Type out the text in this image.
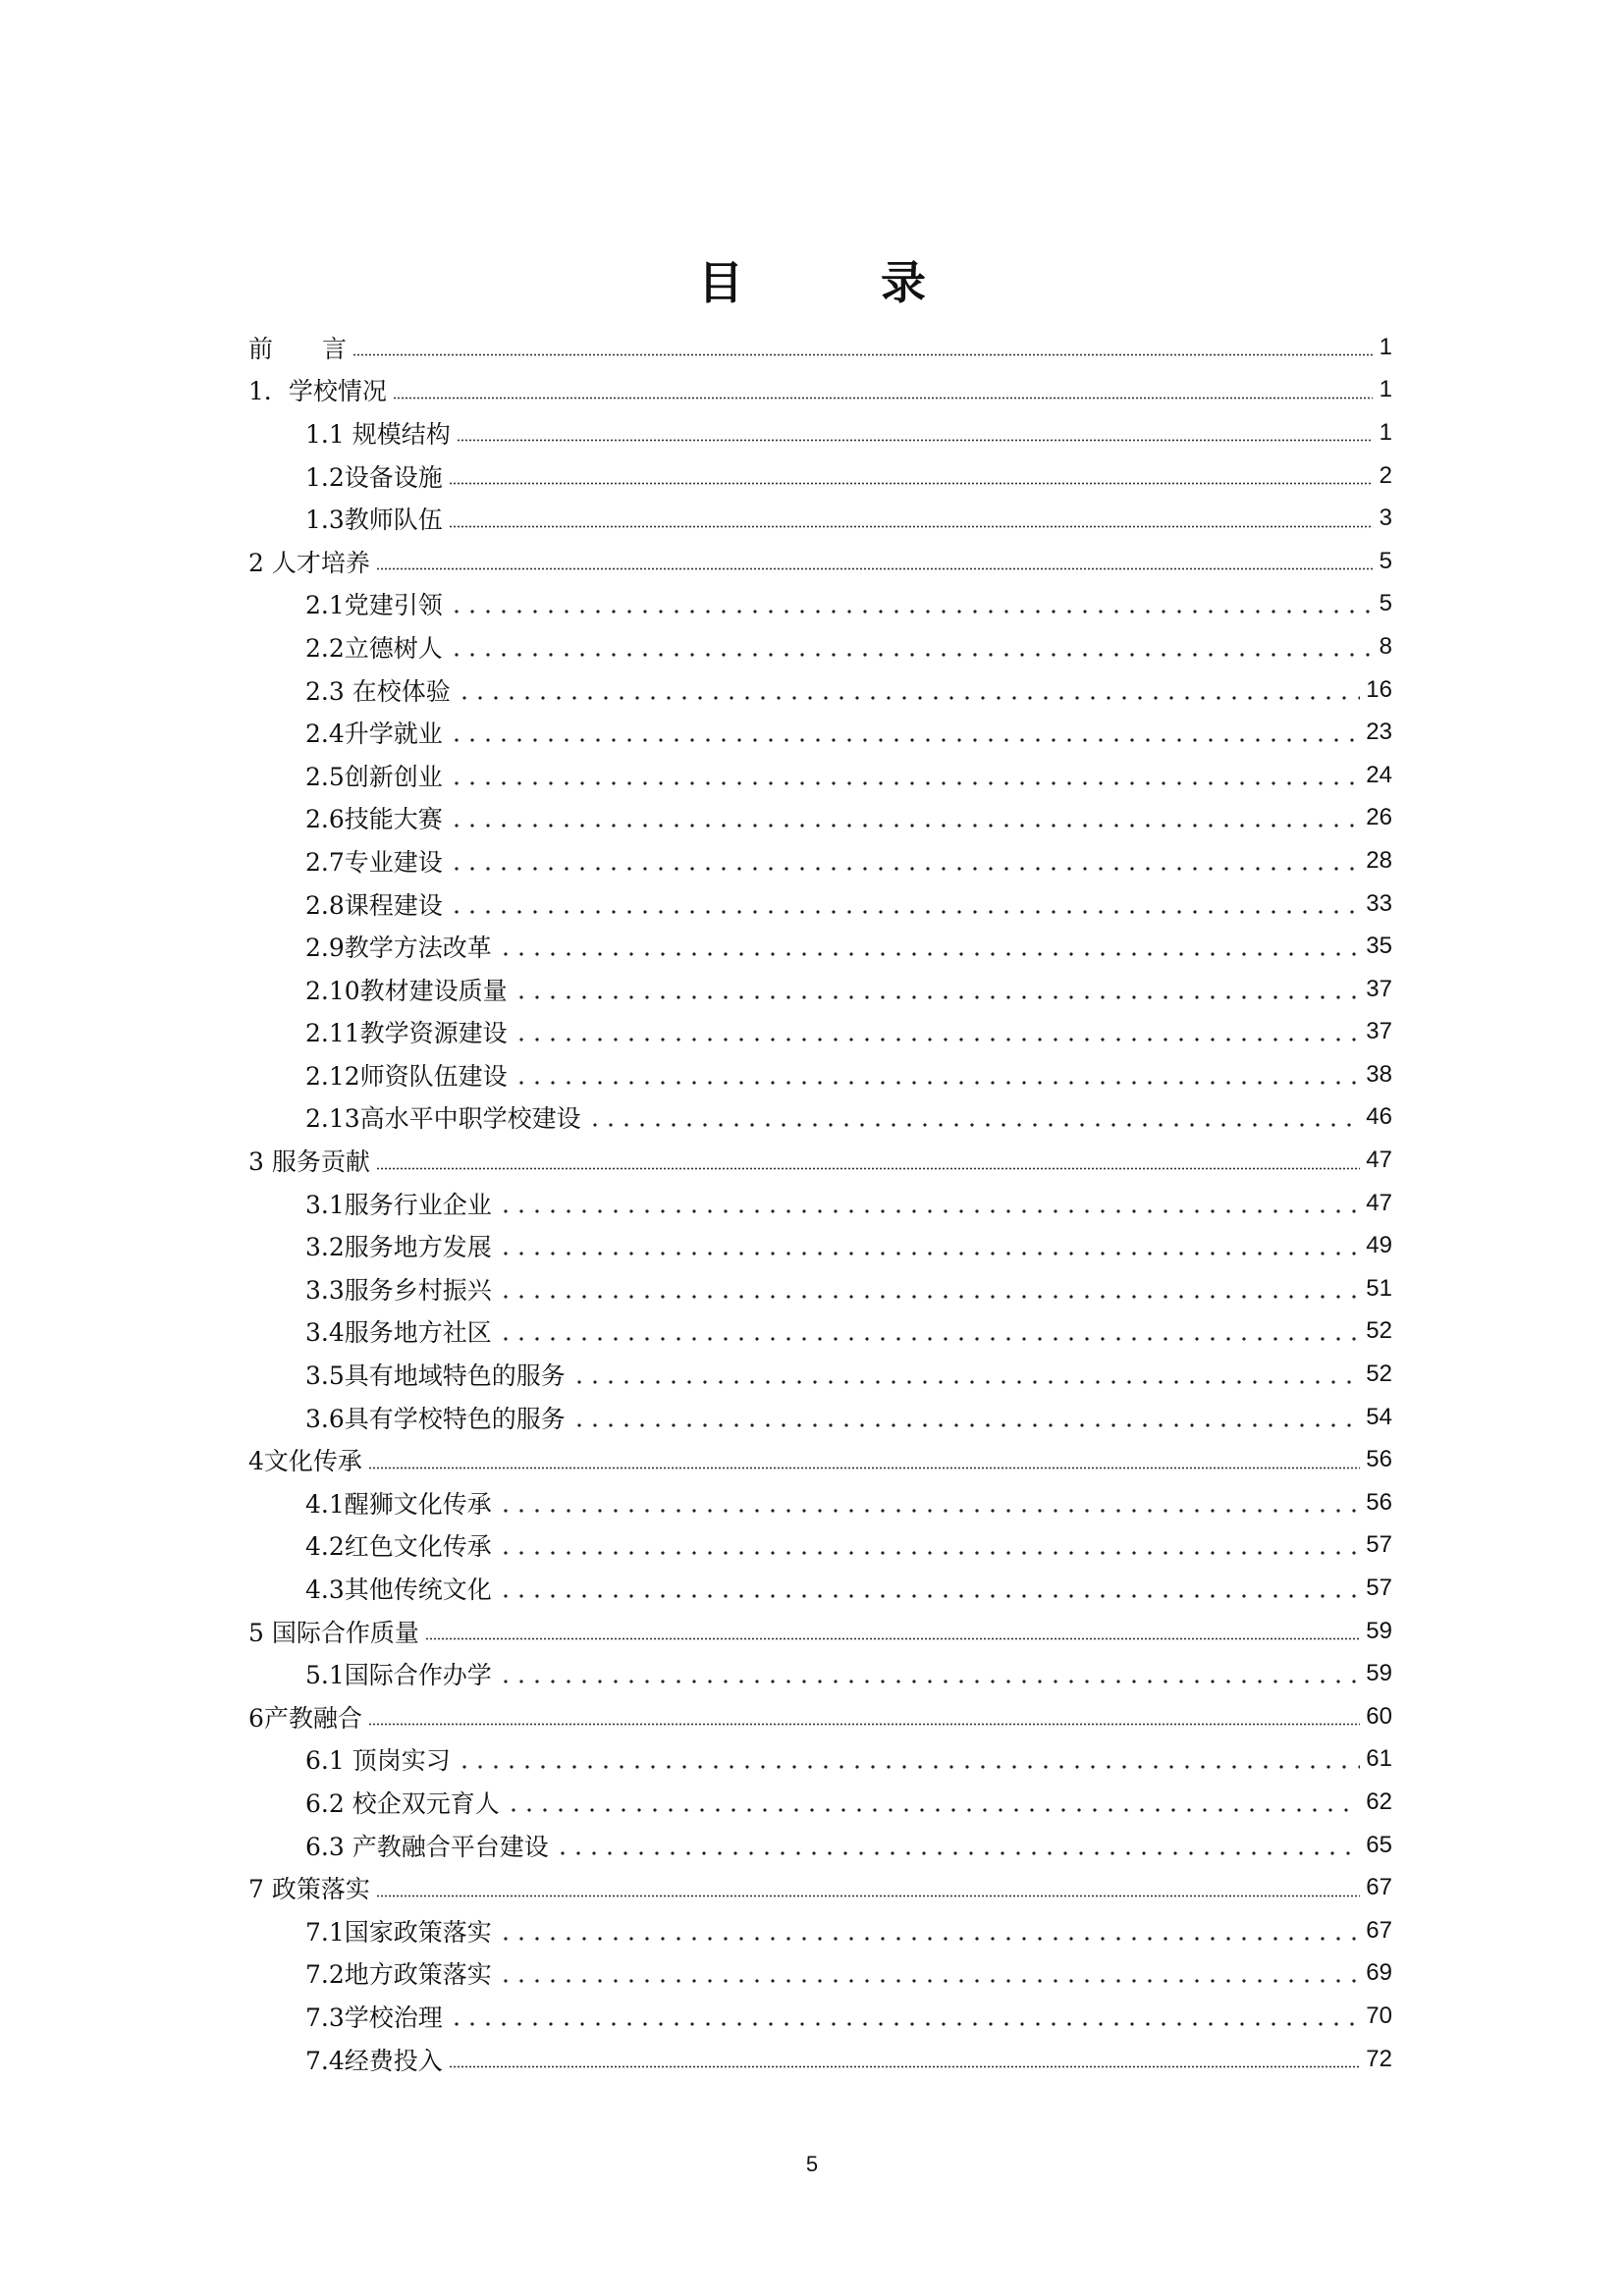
目 录
前　　言	1
1．学校情况	1
1.1 规模结构	1
1.2设备设施	2
1.3教师队伍	3
2 人才培养	5
2.1党建引领	5
2.2立德树人	8
2.3 在校体验	16
2.4升学就业	23
2.5创新创业	24
2.6技能大赛	26
2.7专业建设	28
2.8课程建设	33
2.9教学方法改革	35
2.10教材建设质量	37
2.11教学资源建设	37
2.12师资队伍建设	38
2.13高水平中职学校建设	46
3 服务贡献	47
3.1服务行业企业	47
3.2服务地方发展	49
3.3服务乡村振兴	51
3.4服务地方社区	52
3.5具有地域特色的服务	52
3.6具有学校特色的服务	54
4文化传承	56
4.1醒狮文化传承	56
4.2红色文化传承	57
4.3其他传统文化	57
5 国际合作质量	59
5.1国际合作办学	59
6产教融合	60
6.1 顶岗实习	61
6.2 校企双元育人	62
6.3 产教融合平台建设	65
7 政策落实	67
7.1国家政策落实	67
7.2地方政策落实	69
7.3学校治理	70
7.4经费投入	72
5
